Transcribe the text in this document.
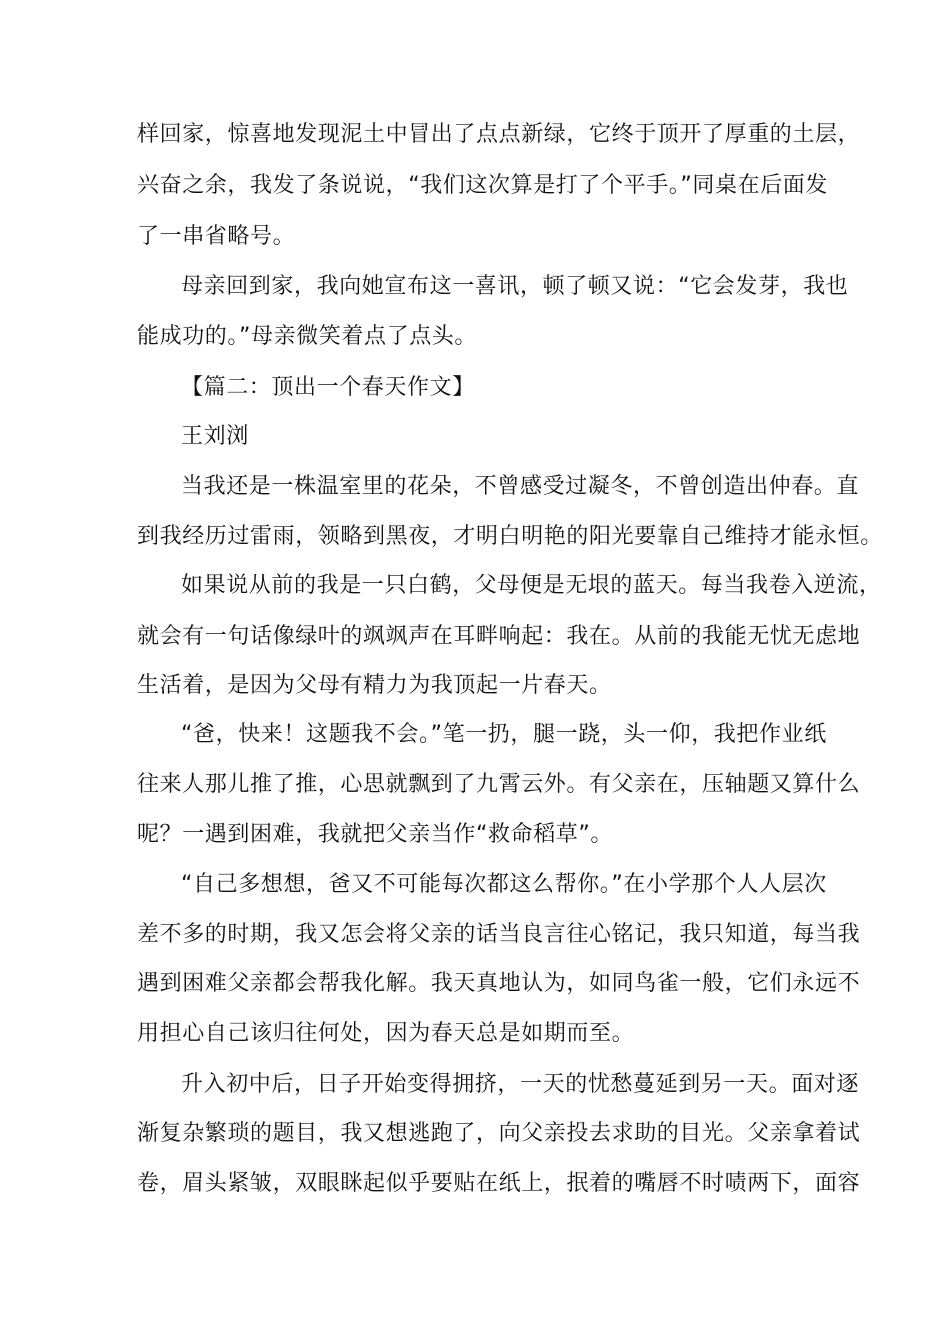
样回家，惊喜地发现泥土中冒出了点点新绿，它终于顶开了厚重的土层，
兴奋之余，我发了条说说，“我们这次算是打了个平手。”同桌在后面发
了一串省略号。
母亲回到家，我向她宣布这一喜讯，顿了顿又说：“它会发芽，我也
能成功的。”母亲微笑着点了点头。
【篇二：顶出一个春天作文】
王刘浏
当我还是一株温室里的花朵，不曾感受过凝冬，不曾创造出仲春。直
到我经历过雷雨，领略到黑夜，才明白明艳的阳光要靠自己维持才能永恒。
如果说从前的我是一只白鹤，父母便是无垠的蓝天。每当我卷入逆流，
就会有一句话像绿叶的飒飒声在耳畔响起：我在。从前的我能无忧无虑地
生活着，是因为父母有精力为我顶起一片春天。
“爸，快来！这题我不会。”笔一扔，腿一跷，头一仰，我把作业纸
往来人那儿推了推，心思就飘到了九霄云外。有父亲在，压轴题又算什么
呢？一遇到困难，我就把父亲当作“救命稻草”。
“自己多想想，爸又不可能每次都这么帮你。”在小学那个人人层次
差不多的时期，我又怎会将父亲的话当良言往心铭记，我只知道，每当我
遇到困难父亲都会帮我化解。我天真地认为，如同鸟雀一般，它们永远不
用担心自己该归往何处，因为春天总是如期而至。
升入初中后，日子开始变得拥挤，一天的忧愁蔓延到另一天。面对逐
渐复杂繁琐的题目，我又想逃跑了，向父亲投去求助的目光。父亲拿着试
卷，眉头紧皱，双眼眯起似乎要贴在纸上，抿着的嘴唇不时啧两下，面容
